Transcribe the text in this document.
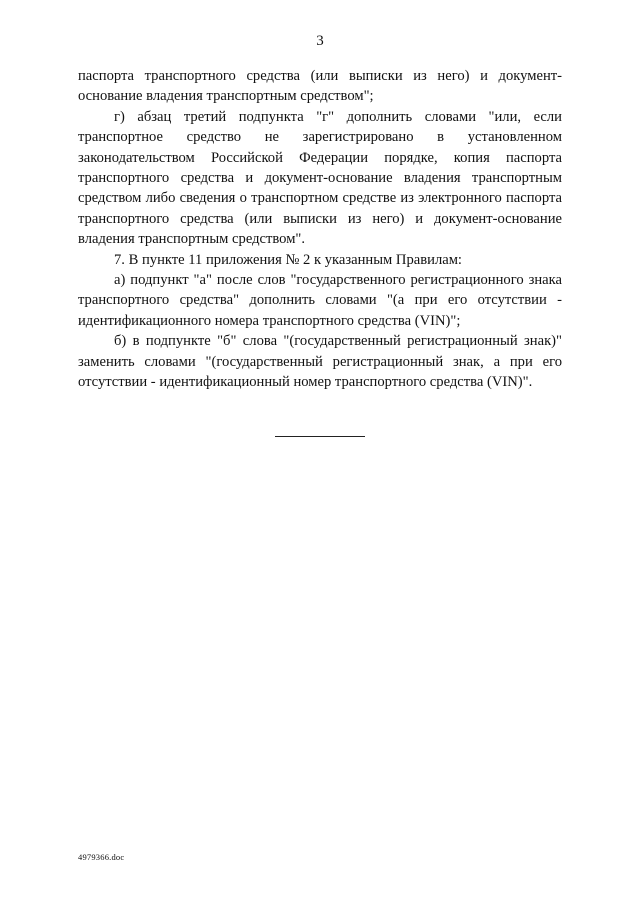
3

паспорта транспортного средства (или выписки из него) и документ-основание владения транспортным средством";

г) абзац третий подпункта "г" дополнить словами "или, если транспортное средство не зарегистрировано в установленном законодательством Российской Федерации порядке, копия паспорта транспортного средства и документ-основание владения транспортным средством либо сведения о транспортном средстве из электронного паспорта транспортного средства (или выписки из него) и документ-основание владения транспортным средством".

7. В пункте 11 приложения № 2 к указанным Правилам:

а) подпункт "а" после слов "государственного регистрационного знака транспортного средства" дополнить словами "(а при его отсутствии - идентификационного номера транспортного средства (VIN)";

б) в подпункте "б" слова "(государственный регистрационный знак)" заменить словами "(государственный регистрационный знак, а при его отсутствии - идентификационный номер транспортного средства (VIN)".

4979366.doc
